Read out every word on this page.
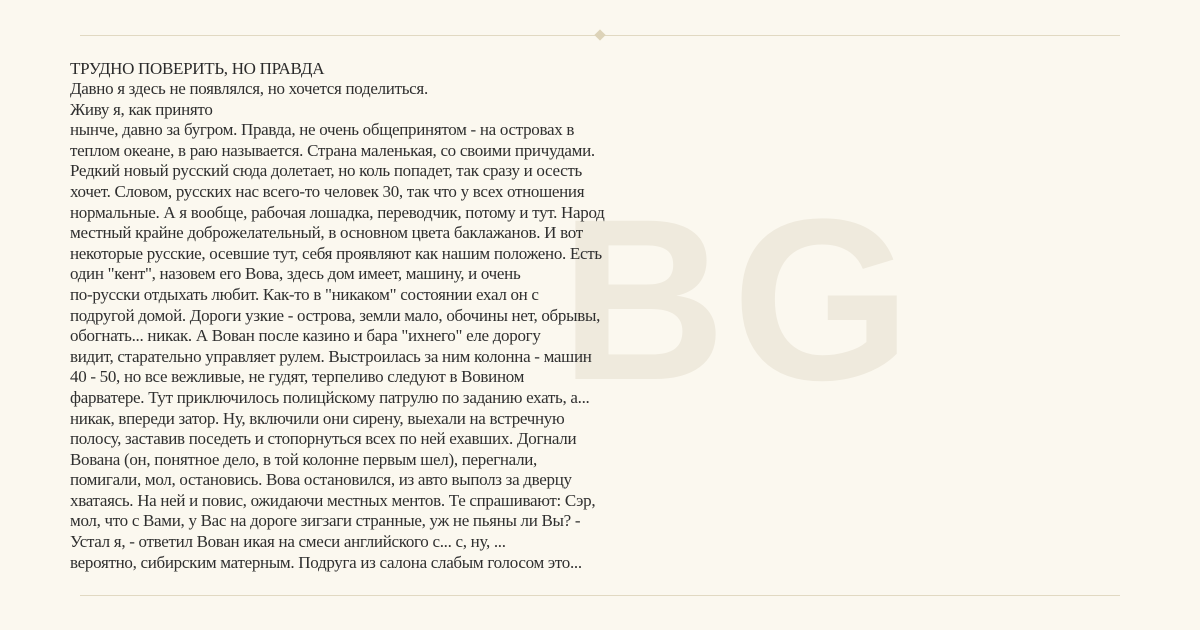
BG
ТРУДНО ПОВЕРИТЬ, НО ПРАВДА
Давно я здесь не появлялся, но хочется поделиться.
Живу я, как принято
нынче, давно за бугром. Правда, не очень общепринятом - на островах в
теплом океане, в раю называется. Страна маленькая, со своими причудами.
Редкий новый русский сюда долетает, но коль попадет, так сразу и осесть
хочет. Словом, русских нас всего-то человек 30, так что у всех отношения
нормальные. А я вообще, рабочая лошадка, переводчик, потому и тут. Народ
местный крайне доброжелательный, в основном цвета баклажанов. И вот
некоторые русские, осевшие тут, себя проявляют как нашим положено. Есть
один "кент", назовем его Вова, здесь дом имеет, машину, и очень
по-русски отдыхать любит. Как-то в "никаком" состоянии ехал он с
подругой домой. Дороги узкие - острова, земли мало, обочины нет, обрывы,
обогнать... никак. А Вован после казино и бара "ихнего" еле дорогу
видит, старательно управляет рулем. Выстроилась за ним колонна - машин
40 - 50, но все вежливые, не гудят, терпеливо следуют в Вовином
фарватере. Тут приключилось полицйскому патрулю по заданию ехать, а...
никак, впереди затор. Ну, включили они сирену, выехали на встречную
полосу, заставив поседеть и стопорнуться всех по ней ехавших. Догнали
Вована (он, понятное дело, в той колонне первым шел), перегнали,
помигали, мол, остановись. Вова остановился, из авто выполз за дверцу
хватаясь. На ней и повис, ожидаючи местных ментов. Те спрашивают: Сэр,
мол, что с Вами, у Вас на дороге зигзаги странные, уж не пьяны ли Вы? -
Устал я, - ответил Вован икая на смеси английского с... с, ну, ...
вероятно, сибирским матерным. Подруга из салона слабым голосом это...
